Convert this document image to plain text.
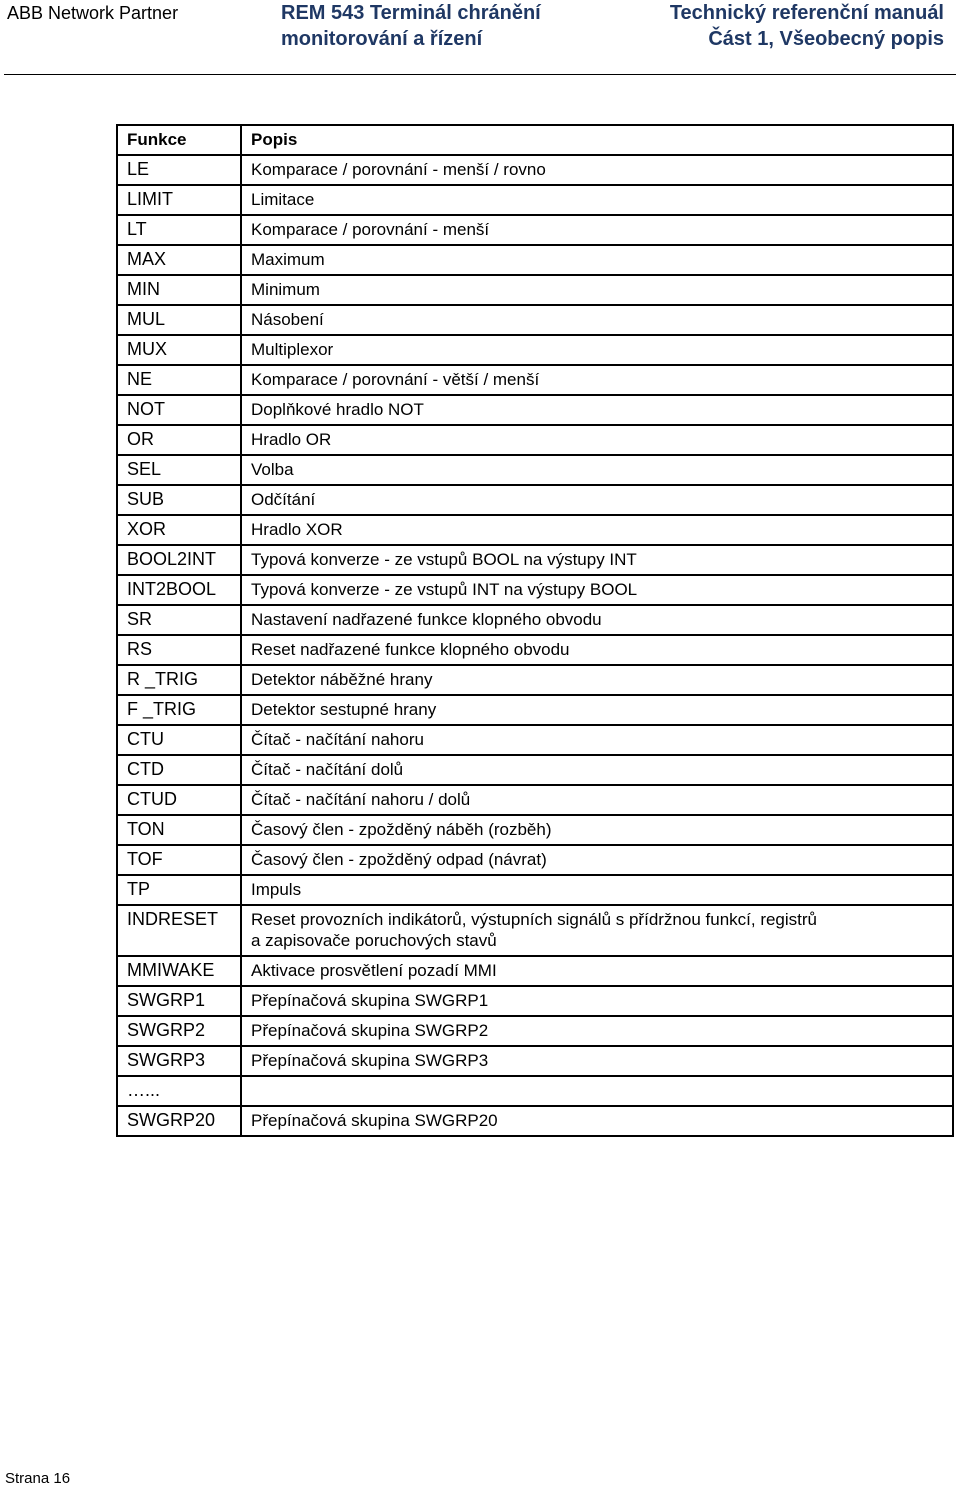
ABB Network Partner	REM 543 Terminál chránění
monitorování a řízení
Technický referenční manuál
Část 1, Všeobecný popis
Funkce	Popis
LE	Komparace / porovnání - menší / rovno

LIMIT	Limitace

LT	Komparace / porovnání - menší

MAX	Maximum

MIN	Minimum

MUL	Násobení

MUX	Multiplexor

NE	Komparace / porovnání - větší / menší

NOT	Doplňkové hradlo NOT

OR	Hradlo OR

SEL	Volba

SUB	Odčítání

XOR	Hradlo XOR

BOOL2INT	Typová konverze - ze vstupů BOOL na výstupy INT

INT2BOOL	Typová konverze - ze vstupů INT na výstupy BOOL

SR	Nastavení nadřazené funkce klopného obvodu

RS	Reset nadřazené funkce klopného obvodu

R _TRIG	Detektor náběžné hrany

F _TRIG	Detektor sestupné hrany

CTU	Čítač - načítání nahoru

CTD	Čítač - načítání dolů

CTUD	Čítač - načítání nahoru / dolů

TON	Časový člen - zpožděný náběh (rozběh)

TOF	Časový člen - zpožděný odpad (návrat)

TP	Impuls

INDRESET	Reset provozních indikátorů, výstupních signálů s přídržnou funkcí, registrů
a zapisovače poruchových stavů

MMIWAKE	Aktivace prosvětlení pozadí MMI

SWGRP1	Přepínačová skupina SWGRP1

SWGRP2	Přepínačová skupina SWGRP2

SWGRP3	Přepínačová skupina SWGRP3

…...	

SWGRP20	Přepínačová skupina SWGRP20
Strana 16
